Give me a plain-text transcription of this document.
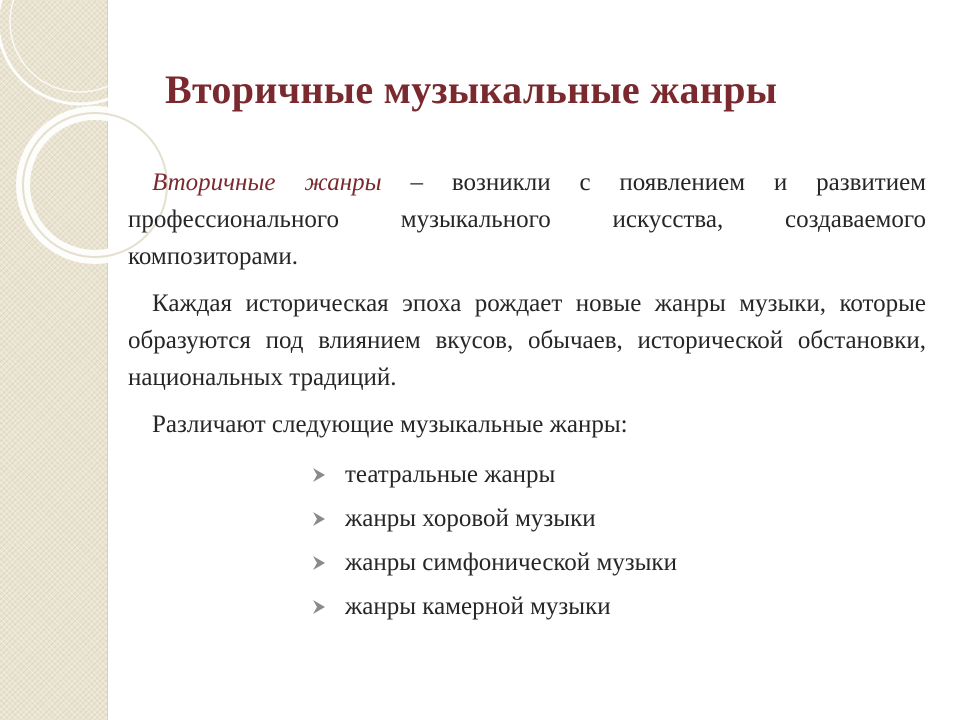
Вторичные музыкальные жанры

Вторичные жанры – возникли с появлением и развитием профессионального музыкального искусства, создаваемого композиторами.

Каждая историческая эпоха рождает новые жанры музыки, которые образуются под влиянием вкусов, обычаев, исторической обстановки, национальных традиций.

Различают следующие музыкальные жанры:

театральные жанры
жанры хоровой музыки
жанры симфонической музыки
жанры камерной музыки
